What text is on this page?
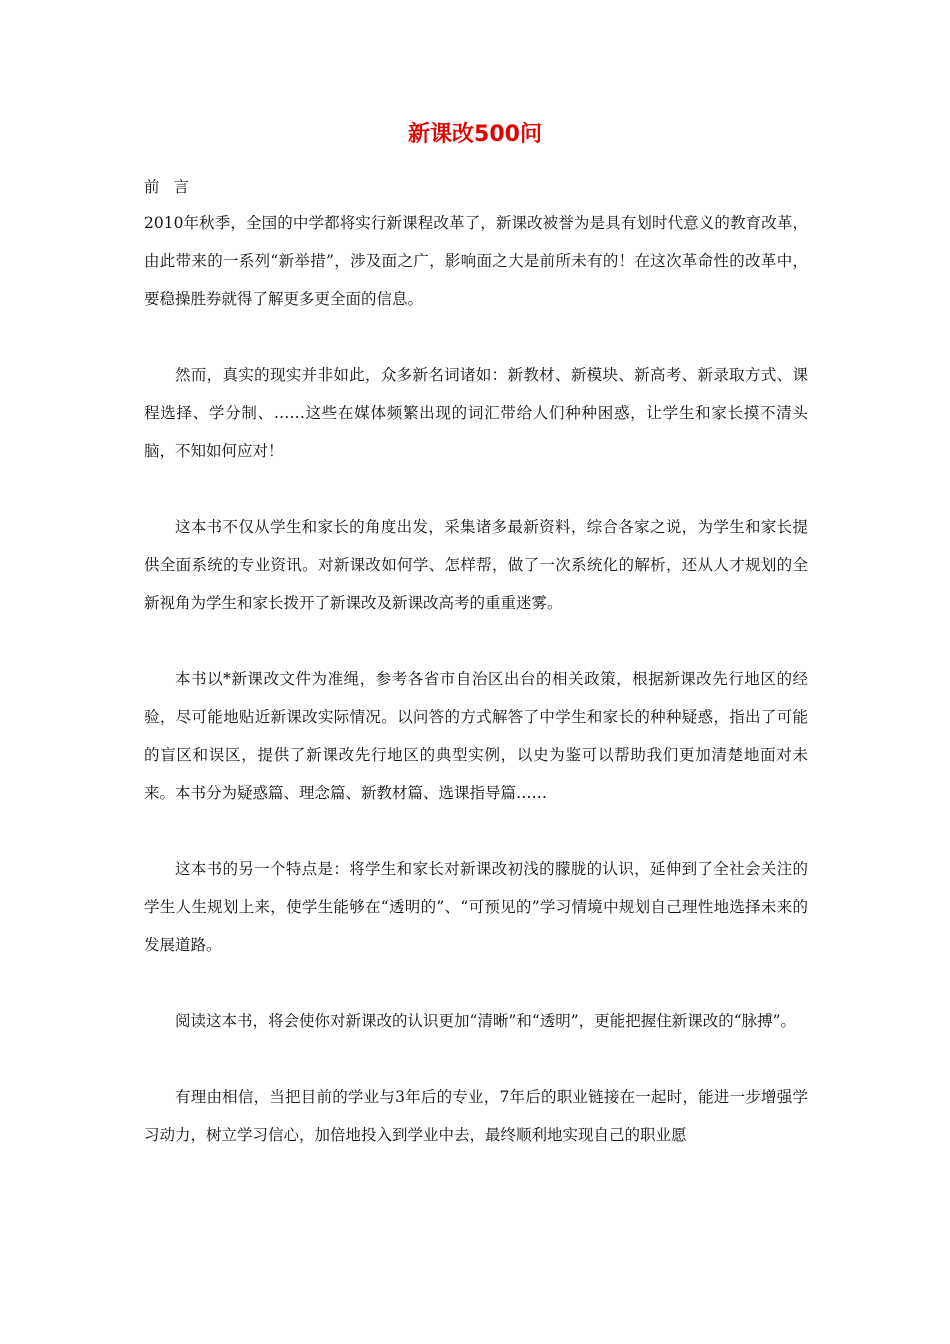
新课改500问

前言

2010年秋季，全国的中学都将实行新课程改革了，新课改被誉为是具有划时代意义的教育改革，由此带来的一系列“新举措”，涉及面之广，影响面之大是前所未有的！在这次革命性的改革中，要稳操胜券就得了解更多更全面的信息。

然而，真实的现实并非如此，众多新名词诸如：新教材、新模块、新高考、新录取方式、课程选择、学分制、……这些在媒体频繁出现的词汇带给人们种种困惑，让学生和家长摸不清头脑，不知如何应对！

这本书不仅从学生和家长的角度出发，采集诸多最新资料，综合各家之说，为学生和家长提供全面系统的专业资讯。对新课改如何学、怎样帮，做了一次系统化的解析，还从人才规划的全新视角为学生和家长拨开了新课改及新课改高考的重重迷雾。

本书以*新课改文件为准绳，参考各省市自治区出台的相关政策，根据新课改先行地区的经验，尽可能地贴近新课改实际情况。以问答的方式解答了中学生和家长的种种疑惑，指出了可能的盲区和误区，提供了新课改先行地区的典型实例，以史为鉴可以帮助我们更加清楚地面对未来。本书分为疑惑篇、理念篇、新教材篇、选课指导篇……

这本书的另一个特点是：将学生和家长对新课改初浅的朦胧的认识，延伸到了全社会关注的学生人生规划上来，使学生能够在“透明的”、“可预见的”学习情境中规划自己理性地选择未来的发展道路。

阅读这本书，将会使你对新课改的认识更加“清晰”和“透明”，更能把握住新课改的“脉搏”。

有理由相信，当把目前的学业与3年后的专业，7年后的职业链接在一起时，能进一步增强学习动力，树立学习信心，加倍地投入到学业中去，最终顺利地实现自己的职业愿
